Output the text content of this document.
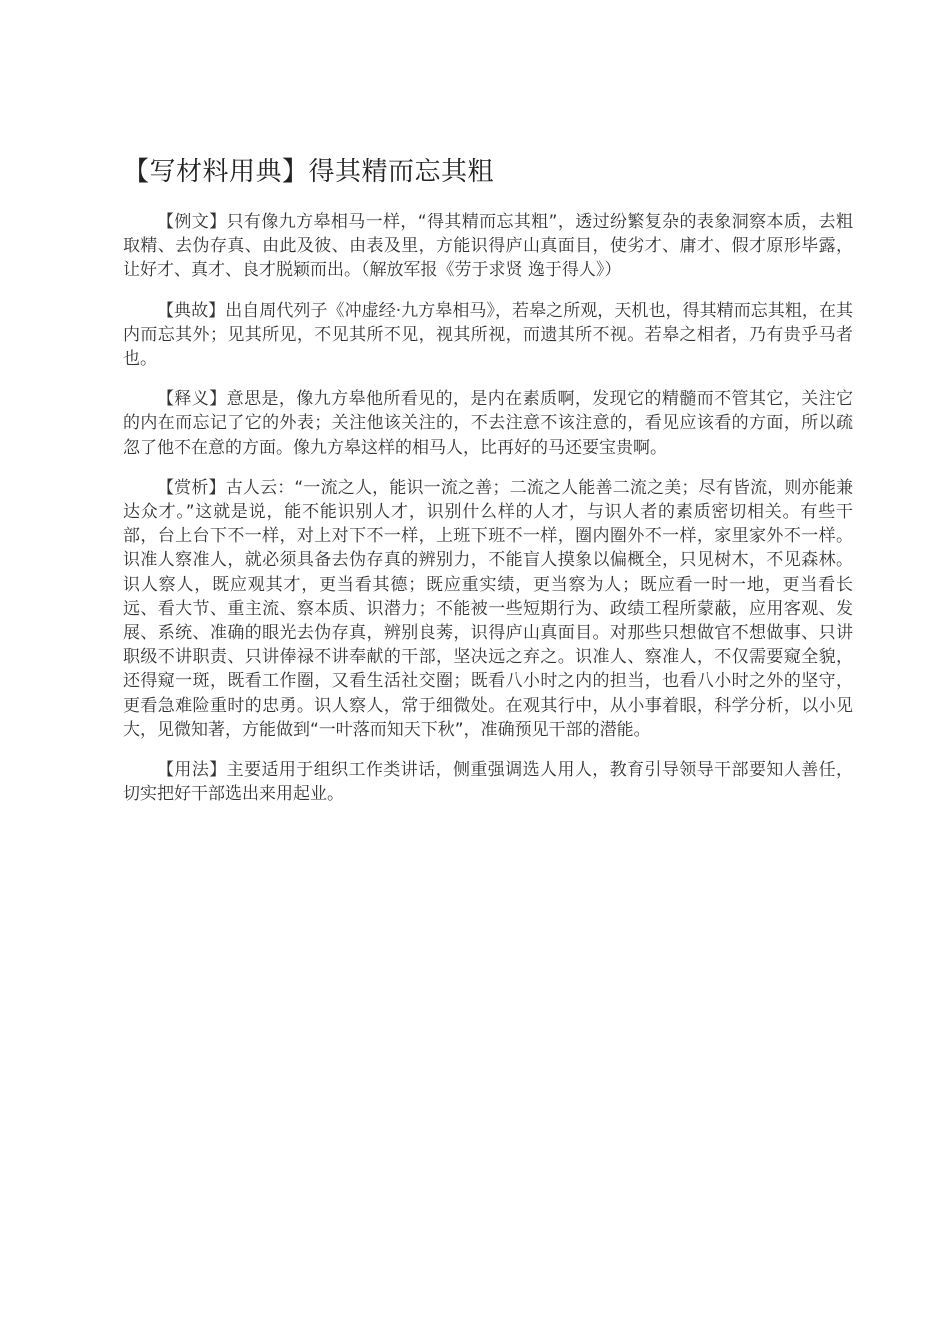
【写材料用典】得其精而忘其粗

【例文】只有像九方皋相马一样，“得其精而忘其粗”，透过纷繁复杂的表象洞察本质，去粗取精、去伪存真、由此及彼、由表及里，方能识得庐山真面目，使劣才、庸才、假才原形毕露，让好才、真才、良才脱颖而出。（解放军报《劳于求贤 逸于得人》）

【典故】出自周代列子《冲虚经·九方皋相马》，若皋之所观，天机也，得其精而忘其粗，在其内而忘其外；见其所见，不见其所不见，视其所视，而遗其所不视。若皋之相者，乃有贵乎马者也。

【释义】意思是，像九方皋他所看见的，是内在素质啊，发现它的精髓而不管其它，关注它的内在而忘记了它的外表；关注他该关注的，不去注意不该注意的，看见应该看的方面，所以疏忽了他不在意的方面。像九方皋这样的相马人，比再好的马还要宝贵啊。

【赏析】古人云：“一流之人，能识一流之善；二流之人能善二流之美；尽有皆流，则亦能兼达众才。”这就是说，能不能识别人才，识别什么样的人才，与识人者的素质密切相关。有些干部，台上台下不一样，对上对下不一样，上班下班不一样，圈内圈外不一样，家里家外不一样。识准人察准人，就必须具备去伪存真的辨别力，不能盲人摸象以偏概全，只见树木，不见森林。识人察人，既应观其才，更当看其德；既应重实绩，更当察为人；既应看一时一地，更当看长远、看大节、重主流、察本质、识潜力；不能被一些短期行为、政绩工程所蒙蔽，应用客观、发展、系统、准确的眼光去伪存真，辨别良莠，识得庐山真面目。对那些只想做官不想做事、只讲职级不讲职责、只讲俸禄不讲奉献的干部，坚决远之弃之。识准人、察准人，不仅需要窥全貌，还得窥一斑，既看工作圈，又看生活社交圈；既看八小时之内的担当，也看八小时之外的坚守，更看急难险重时的忠勇。识人察人，常于细微处。在观其行中，从小事着眼，科学分析，以小见大，见微知著，方能做到“一叶落而知天下秋”，准确预见干部的潜能。

【用法】主要适用于组织工作类讲话，侧重强调选人用人，教育引导领导干部要知人善任，切实把好干部选出来用起业。
